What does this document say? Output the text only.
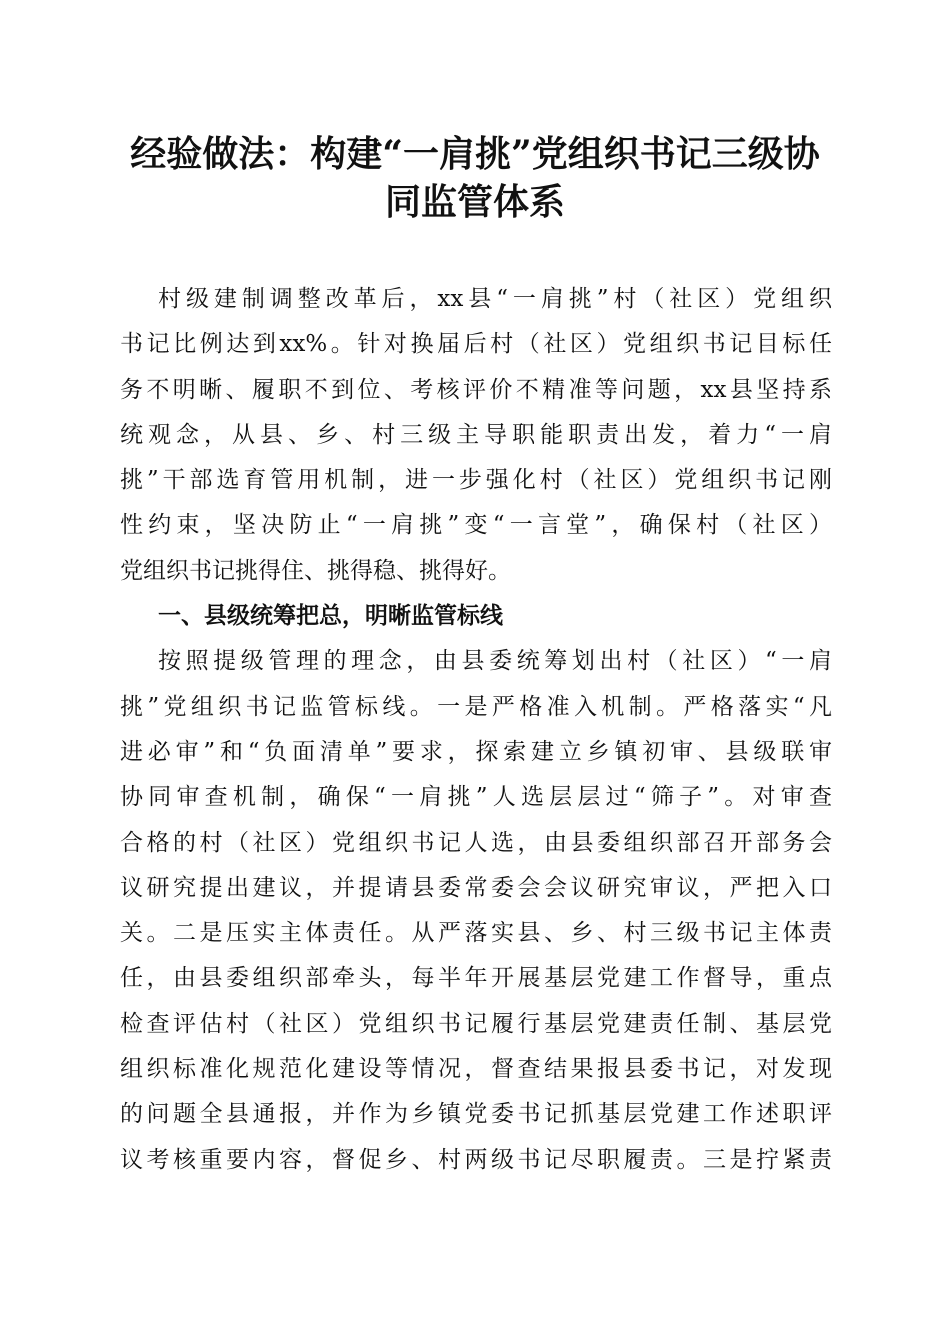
经验做法：构建“一肩挑”党组织书记三级协
同监管体系
村级建制调整改革后，xx县“一肩挑”村（社区）党组织
书记比例达到xx%。针对换届后村（社区）党组织书记目标任
务不明晰、履职不到位、考核评价不精准等问题，xx县坚持系
统观念，从县、乡、村三级主导职能职责出发，着力“一肩
挑”干部选育管用机制，进一步强化村（社区）党组织书记刚
性约束，坚决防止“一肩挑”变“一言堂”，确保村（社区）
党组织书记挑得住、挑得稳、挑得好。
一、县级统筹把总，明晰监管标线
按照提级管理的理念，由县委统筹划出村（社区）“一肩
挑”党组织书记监管标线。一是严格准入机制。严格落实“凡
进必审”和“负面清单”要求，探索建立乡镇初审、县级联审
协同审查机制，确保“一肩挑”人选层层过“筛子”。对审查
合格的村（社区）党组织书记人选，由县委组织部召开部务会
议研究提出建议，并提请县委常委会会议研究审议，严把入口
关。二是压实主体责任。从严落实县、乡、村三级书记主体责
任，由县委组织部牵头，每半年开展基层党建工作督导，重点
检查评估村（社区）党组织书记履行基层党建责任制、基层党
组织标准化规范化建设等情况，督查结果报县委书记，对发现
的问题全县通报，并作为乡镇党委书记抓基层党建工作述职评
议考核重要内容，督促乡、村两级书记尽职履责。三是拧紧责
